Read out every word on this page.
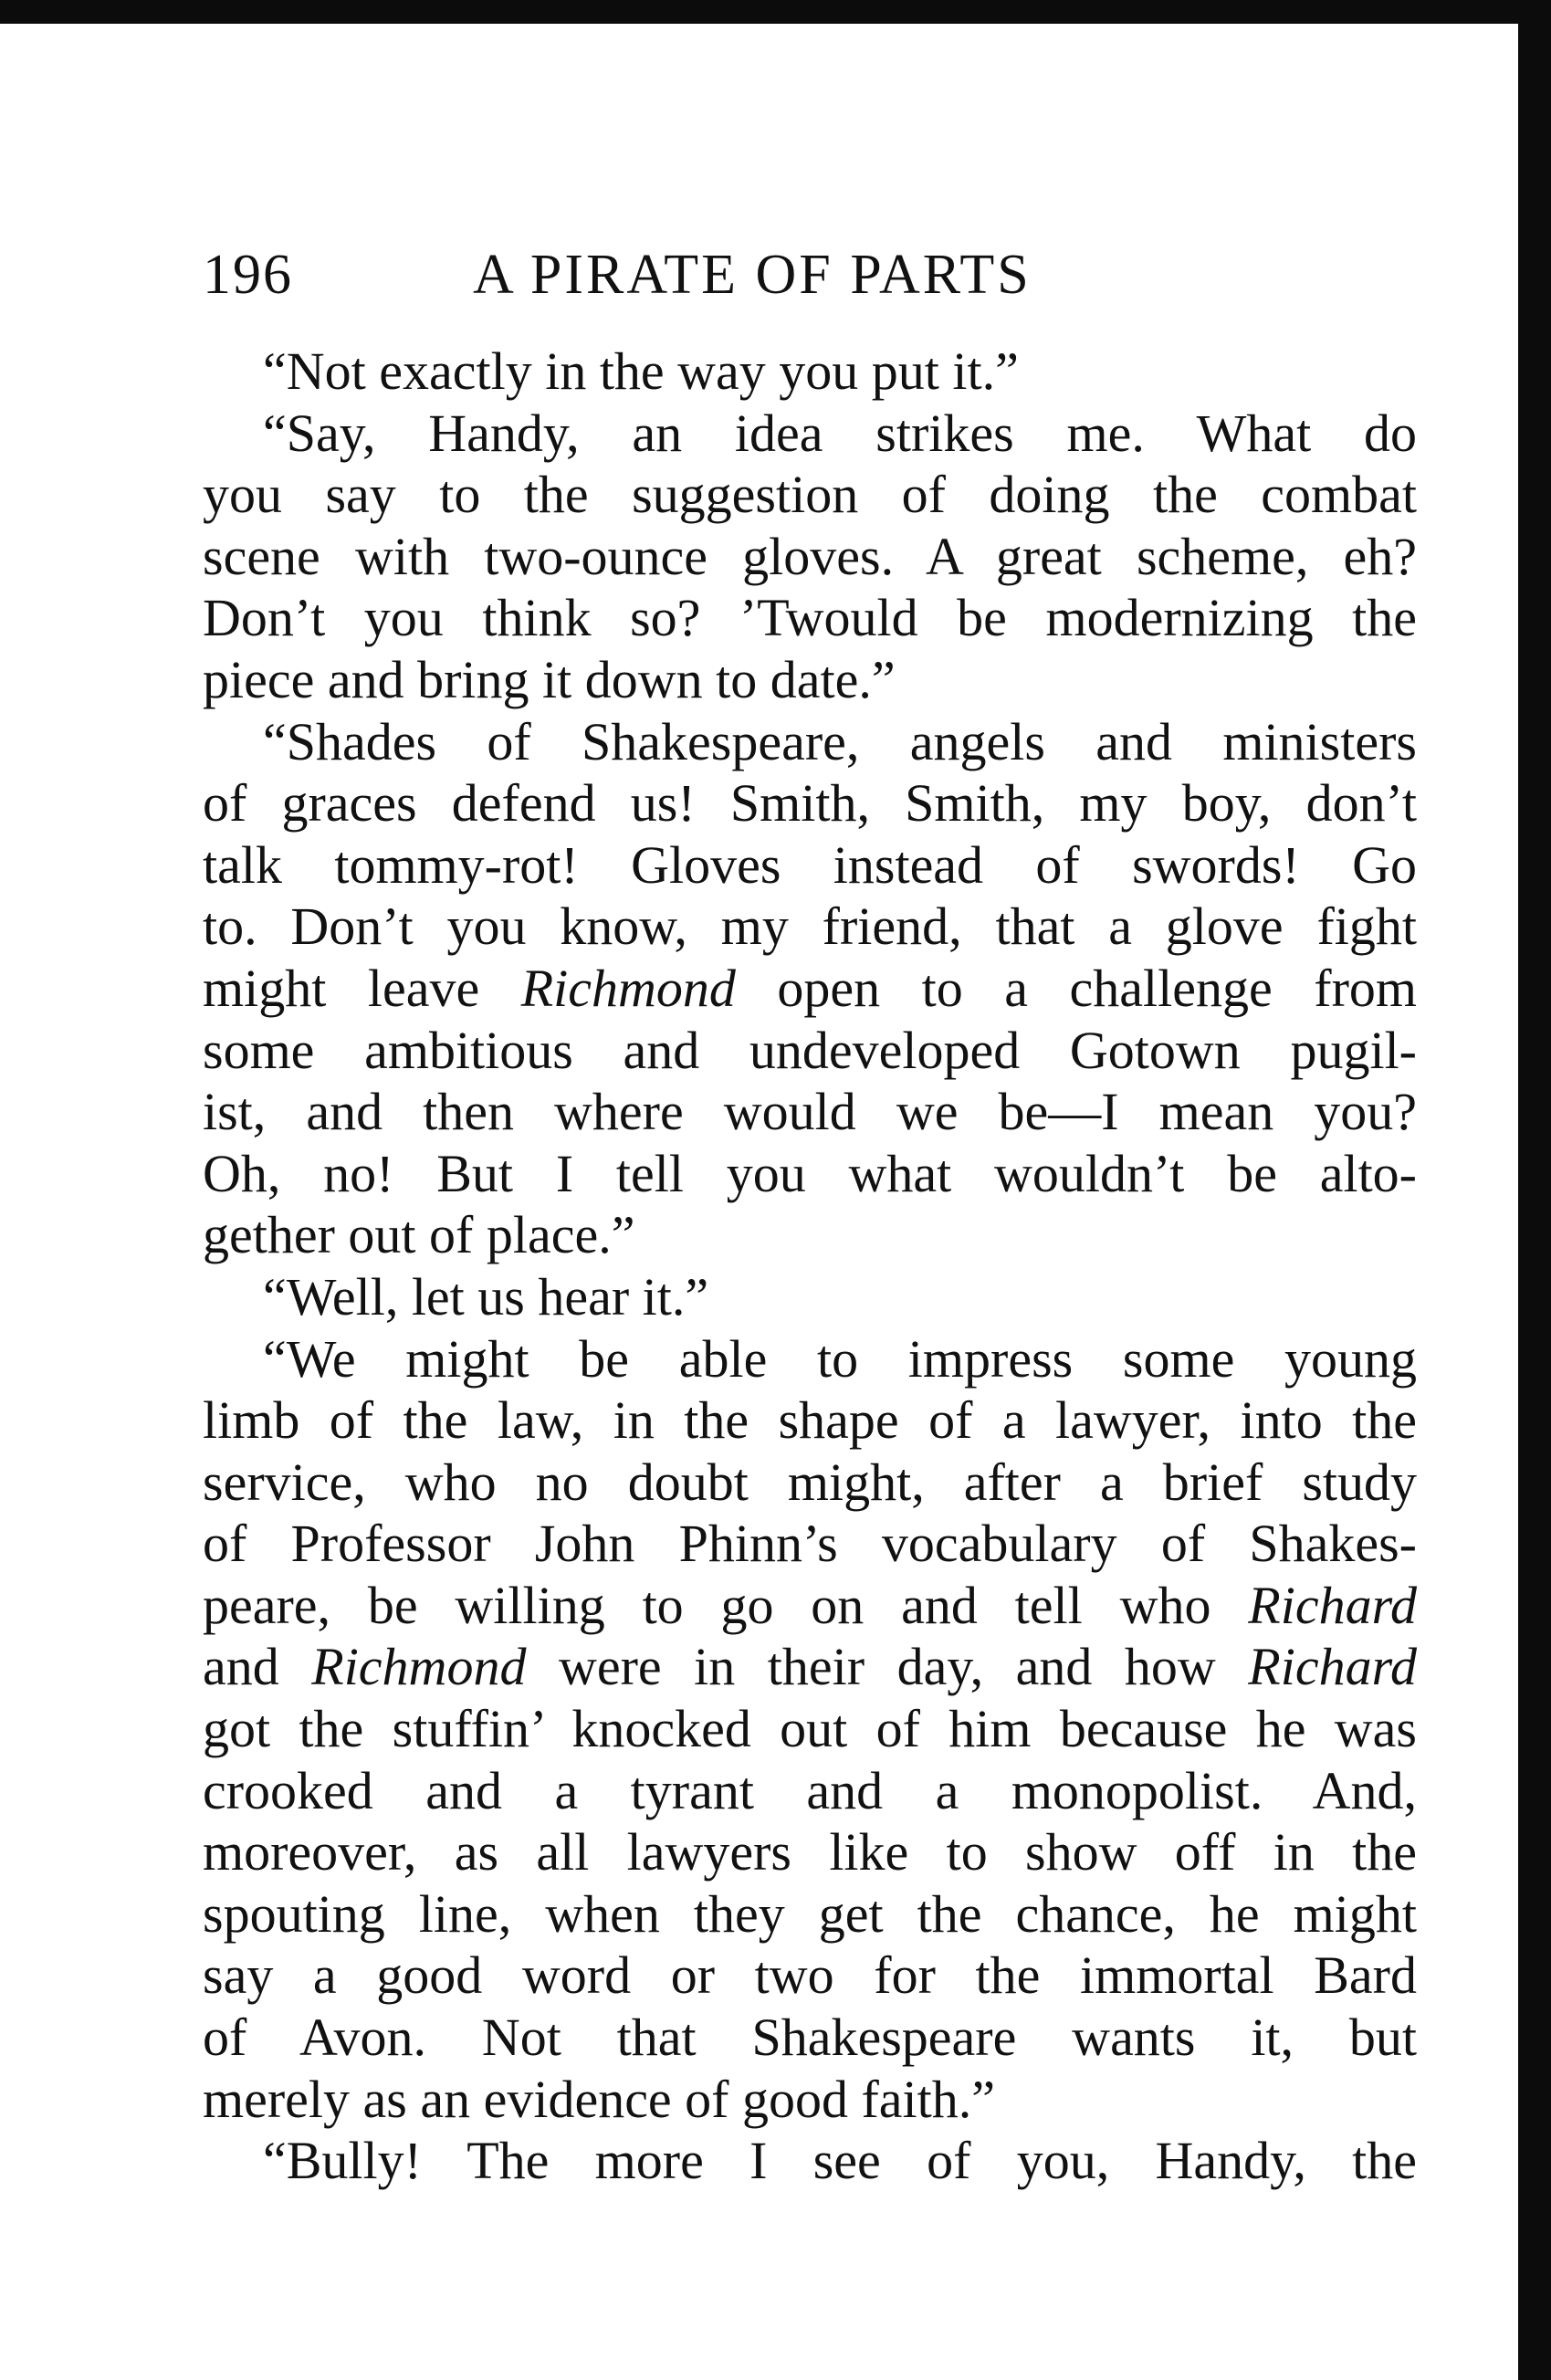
196	A PIRATE OF PARTS
“Not exactly in the way you put it.”
“Say, Handy, an idea strikes me. What do
you say to the suggestion of doing the combat
scene with two-ounce gloves. A great scheme, eh?
Don’t you think so? ’Twould be modernizing the
piece and bring it down to date.”
“Shades of Shakespeare, angels and ministers
of graces defend us! Smith, Smith, my boy, don’t
talk tommy-rot! Gloves instead of swords! Go
to. Don’t you know, my friend, that a glove fight
might leave Richmond open to a challenge from
some ambitious and undeveloped Gotown pugil-
ist, and then where would we be—I mean you?
Oh, no! But I tell you what wouldn’t be alto-
gether out of place.”
“Well, let us hear it.”
“We might be able to impress some young
limb of the law, in the shape of a lawyer, into the
service, who no doubt might, after a brief study
of Professor John Phinn’s vocabulary of Shakes-
peare, be willing to go on and tell who Richard
and Richmond were in their day, and how Richard
got the stuffin’ knocked out of him because he was
crooked and a tyrant and a monopolist. And,
moreover, as all lawyers like to show off in the
spouting line, when they get the chance, he might
say a good word or two for the immortal Bard
of Avon. Not that Shakespeare wants it, but
merely as an evidence of good faith.”
“Bully! The more I see of you, Handy, the
